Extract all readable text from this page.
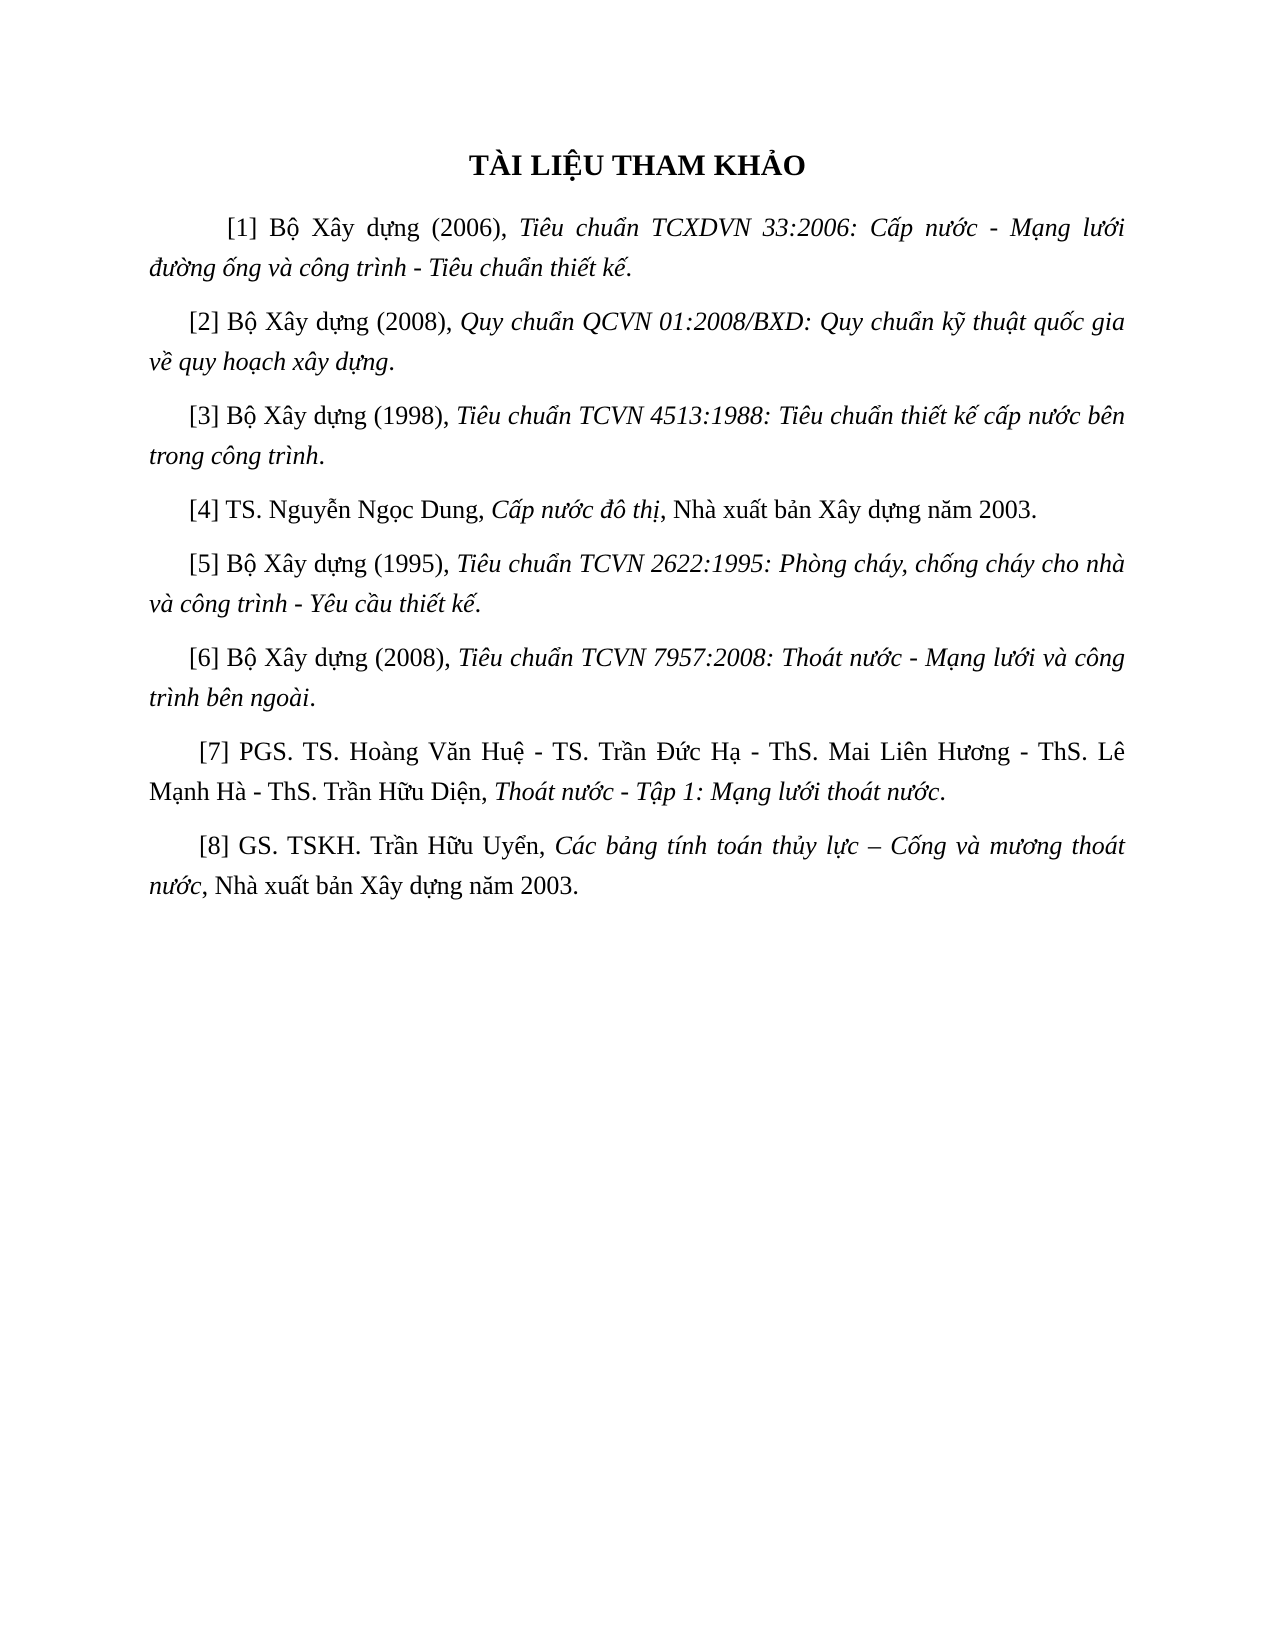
TÀI LIỆU THAM KHẢO

[1] Bộ Xây dựng (2006), Tiêu chuẩn TCXDVN 33:2006: Cấp nước - Mạng lưới đường ống và công trình - Tiêu chuẩn thiết kế.

[2] Bộ Xây dựng (2008), Quy chuẩn QCVN 01:2008/BXD: Quy chuẩn kỹ thuật quốc gia về quy hoạch xây dựng.

[3] Bộ Xây dựng (1998), Tiêu chuẩn TCVN 4513:1988: Tiêu chuẩn thiết kế cấp nước bên trong công trình.

[4] TS. Nguyễn Ngọc Dung, Cấp nước đô thị, Nhà xuất bản Xây dựng năm 2003.

[5] Bộ Xây dựng (1995), Tiêu chuẩn TCVN 2622:1995: Phòng cháy, chống cháy cho nhà và công trình - Yêu cầu thiết kế.

[6] Bộ Xây dựng (2008), Tiêu chuẩn TCVN 7957:2008: Thoát nước - Mạng lưới và công trình bên ngoài.

[7] PGS. TS. Hoàng Văn Huệ - TS. Trần Đức Hạ - ThS. Mai Liên Hương - ThS. Lê Mạnh Hà - ThS. Trần Hữu Diện, Thoát nước - Tập 1: Mạng lưới thoát nước.

[8] GS. TSKH. Trần Hữu Uyển, Các bảng tính toán thủy lực – Cống và mương thoát nước, Nhà xuất bản Xây dựng năm 2003.
